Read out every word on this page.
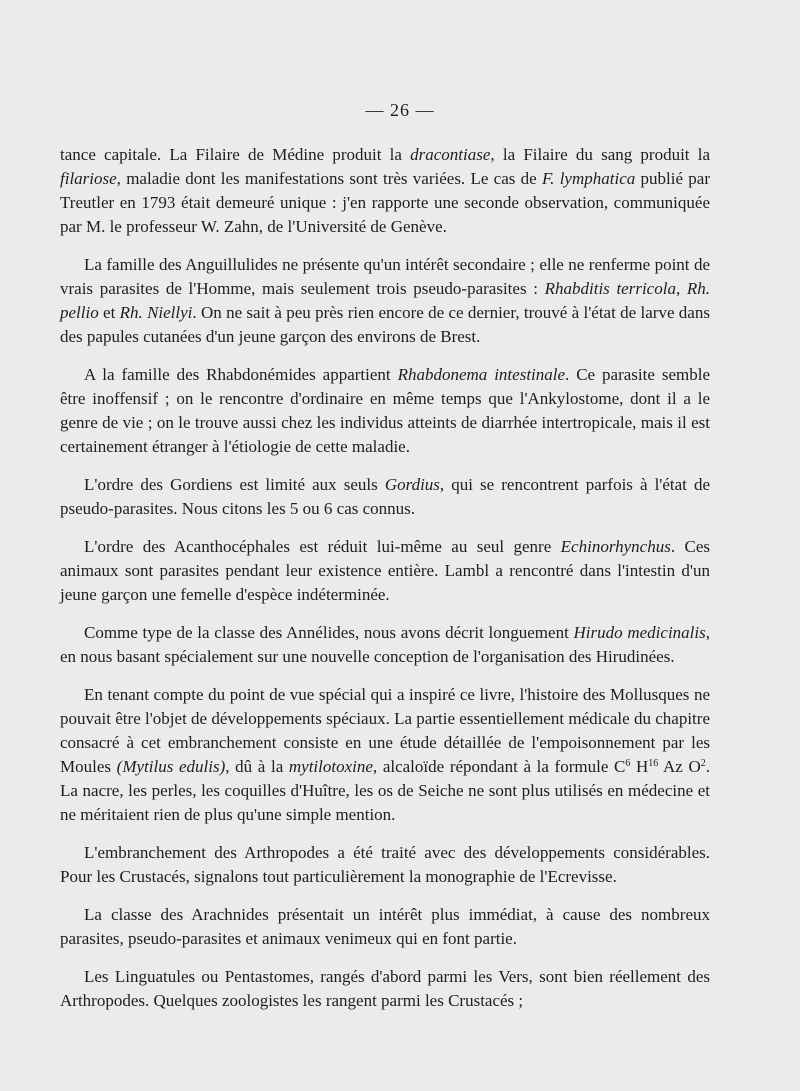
— 26 —

tance capitale. La Filaire de Médine produit la dracontiase, la Filaire du sang produit la filariose, maladie dont les manifestations sont très variées. Le cas de F. lymphatica publié par Treutler en 1793 était demeuré unique : j'en rapporte une seconde observation, communiquée par M. le professeur W. Zahn, de l'Université de Genève.

La famille des Anguillulides ne présente qu'un intérêt secondaire ; elle ne renferme point de vrais parasites de l'Homme, mais seulement trois pseudo-parasites : Rhabditis terricola, Rh. pellio et Rh. Niellyi. On ne sait à peu près rien encore de ce dernier, trouvé à l'état de larve dans des papules cutanées d'un jeune garçon des environs de Brest.

A la famille des Rhabdonémides appartient Rhabdonema intestinale. Ce parasite semble être inoffensif ; on le rencontre d'ordinaire en même temps que l'Ankylostome, dont il a le genre de vie ; on le trouve aussi chez les individus atteints de diarrhée intertropicale, mais il est certainement étranger à l'étiologie de cette maladie.

L'ordre des Gordiens est limité aux seuls Gordius, qui se rencontrent parfois à l'état de pseudo-parasites. Nous citons les 5 ou 6 cas connus.

L'ordre des Acanthocéphales est réduit lui-même au seul genre Echinorhynchus. Ces animaux sont parasites pendant leur existence entière. Lambl a rencontré dans l'intestin d'un jeune garçon une femelle d'espèce indéterminée.

Comme type de la classe des Annélides, nous avons décrit longuement Hirudo medicinalis, en nous basant spécialement sur une nouvelle conception de l'organisation des Hirudinées.

En tenant compte du point de vue spécial qui a inspiré ce livre, l'histoire des Mollusques ne pouvait être l'objet de développements spéciaux. La partie essentiellement médicale du chapitre consacré à cet embranchement consiste en une étude détaillée de l'empoisonnement par les Moules (Mytilus edulis), dû à la mytilotoxine, alcaloïde répondant à la formule $C^6$ $H^{16}$ Az $O^2$. La nacre, les perles, les coquilles d'Huître, les os de Seiche ne sont plus utilisés en médecine et ne méritaient rien de plus qu'une simple mention.

L'embranchement des Arthropodes a été traité avec des développements considérables. Pour les Crustacés, signalons tout particulièrement la monographie de l'Ecrevisse.

La classe des Arachnides présentait un intérêt plus immédiat, à cause des nombreux parasites, pseudo-parasites et animaux venimeux qui en font partie.

Les Linguatules ou Pentastomes, rangés d'abord parmi les Vers, sont bien réellement des Arthropodes. Quelques zoologistes les rangent parmi les Crustacés ;
